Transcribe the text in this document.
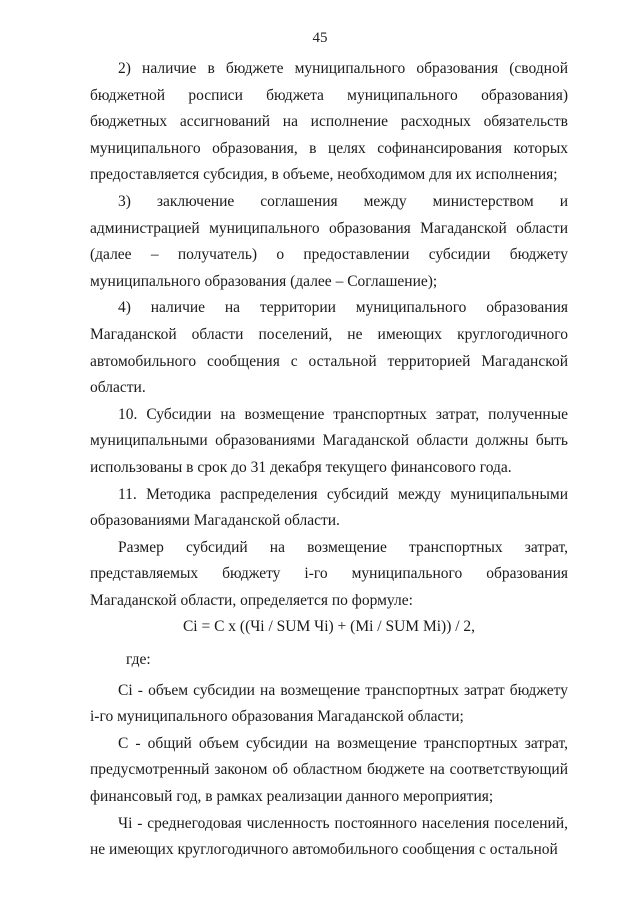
45

2) наличие в бюджете муниципального образования (сводной бюджетной росписи бюджета муниципального образования) бюджетных ассигнований на исполнение расходных обязательств муниципального образования, в целях софинансирования которых предоставляется субсидия, в объеме, необходимом для их исполнения;

3) заключение соглашения между министерством и администрацией муниципального образования Магаданской области (далее – получатель) о предоставлении субсидии бюджету муниципального образования (далее – Соглашение);

4) наличие на территории муниципального образования Магаданской области поселений, не имеющих круглогодичного автомобильного сообщения с остальной территорией Магаданской области.

10. Субсидии на возмещение транспортных затрат, полученные муниципальными образованиями Магаданской области должны быть использованы в срок до 31 декабря текущего финансового года.

11. Методика распределения субсидий между муниципальными образованиями Магаданской области.

Размер субсидий на возмещение транспортных затрат, представляемых бюджету i-го муниципального образования Магаданской области, определяется по формуле:

Ci = C x ((Чi / SUM Чi) + (Mi / SUM Mi)) / 2,

где:

Ci - объем субсидии на возмещение транспортных затрат бюджету i-го муниципального образования Магаданской области;

С - общий объем субсидии на возмещение транспортных затрат, предусмотренный законом об областном бюджете на соответствующий финансовый год, в рамках реализации данного мероприятия;

Чi - среднегодовая численность постоянного населения поселений, не имеющих круглогодичного автомобильного сообщения с остальной
